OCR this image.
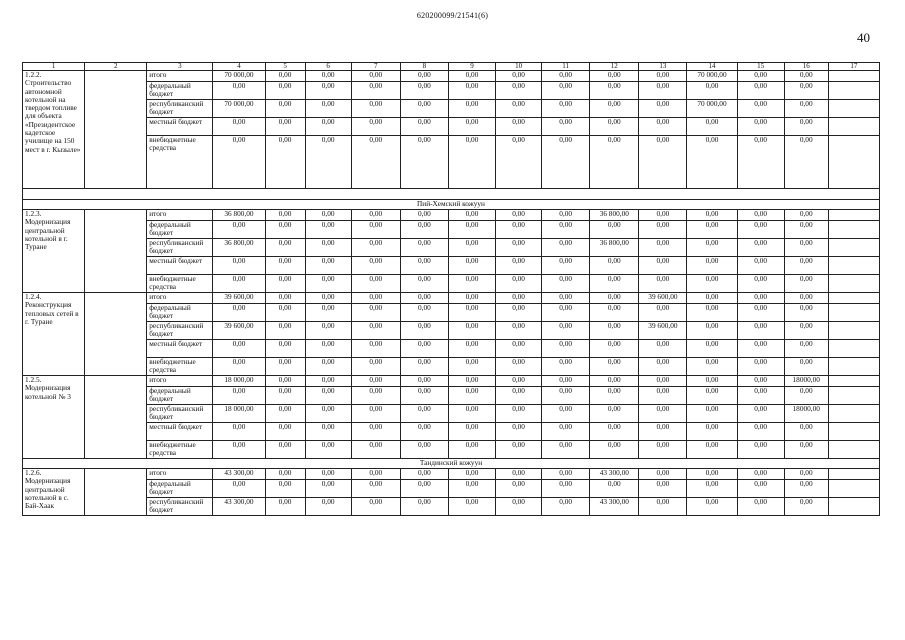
620200099/21541(6)
40
1	2	3	4	5	6	7	8	9	10	11	12	13	14	15	16	17
1.2.2. Строительство автономной котельной на твердом топливе для объекта «Президентское кадетское училище на 150 мест в г. Кызыле»		итого	70 000,00	0,00	0,00	0,00	0,00	0,00	0,00	0,00	0,00	0,00	70 000,00	0,00	0,00	
		федеральный бюджет	0,00	0,00	0,00	0,00	0,00	0,00	0,00	0,00	0,00	0,00	0,00	0,00	0,00	
		республиканский бюджет	70 000,00	0,00	0,00	0,00	0,00	0,00	0,00	0,00	0,00	0,00	70 000,00	0,00	0,00	
		местный бюджет	0,00	0,00	0,00	0,00	0,00	0,00	0,00	0,00	0,00	0,00	0,00	0,00	0,00	
		внебюджетные средства	0,00	0,00	0,00	0,00	0,00	0,00	0,00	0,00	0,00	0,00	0,00	0,00	0,00	

Пий-Хемский кожуун																
1.2.3. Модернизация центральной котельной в г. Туране		итого	36 800,00	0,00	0,00	0,00	0,00	0,00	0,00	0,00	36 800,00	0,00	0,00	0,00	0,00	
		федеральный бюджет	0,00	0,00	0,00	0,00	0,00	0,00	0,00	0,00	0,00	0,00	0,00	0,00	0,00	
		республиканский бюджет	36 800,00	0,00	0,00	0,00	0,00	0,00	0,00	0,00	36 800,00	0,00	0,00	0,00	0,00	
		местный бюджет	0,00	0,00	0,00	0,00	0,00	0,00	0,00	0,00	0,00	0,00	0,00	0,00	0,00	
		внебюджетные средства	0,00	0,00	0,00	0,00	0,00	0,00	0,00	0,00	0,00	0,00	0,00	0,00	0,00	
1.2.4. Реконструкция тепловых сетей в г. Туране		итого	39 600,00	0,00	0,00	0,00	0,00	0,00	0,00	0,00	0,00	39 600,00	0,00	0,00	0,00	
		федеральный бюджет	0,00	0,00	0,00	0,00	0,00	0,00	0,00	0,00	0,00	0,00	0,00	0,00	0,00	
		республиканский бюджет	39 600,00	0,00	0,00	0,00	0,00	0,00	0,00	0,00	0,00	39 600,00	0,00	0,00	0,00	
		местный бюджет	0,00	0,00	0,00	0,00	0,00	0,00	0,00	0,00	0,00	0,00	0,00	0,00	0,00	
		внебюджетные средства	0,00	0,00	0,00	0,00	0,00	0,00	0,00	0,00	0,00	0,00	0,00	0,00	0,00	
1.2.5. Модернизация котельной № 3		итого	18 000,00	0,00	0,00	0,00	0,00	0,00	0,00	0,00	0,00	0,00	0,00	0,00	18000,00	
		федеральный бюджет	0,00	0,00	0,00	0,00	0,00	0,00	0,00	0,00	0,00	0,00	0,00	0,00	0,00	
		республиканский бюджет	18 000,00	0,00	0,00	0,00	0,00	0,00	0,00	0,00	0,00	0,00	0,00	0,00	18000,00	
		местный бюджет	0,00	0,00	0,00	0,00	0,00	0,00	0,00	0,00	0,00	0,00	0,00	0,00	0,00	
		внебюджетные средства	0,00	0,00	0,00	0,00	0,00	0,00	0,00	0,00	0,00	0,00	0,00	0,00	0,00	
Тандинский кожуун																
1.2.6. Модернизация центральной котельной в с. Бай-Хаак		итого	43 300,00	0,00	0,00	0,00	0,00	0,00	0,00	0,00	43 300,00	0,00	0,00	0,00	0,00	
		федеральный бюджет	0,00	0,00	0,00	0,00	0,00	0,00	0,00	0,00	0,00	0,00	0,00	0,00	0,00	
		республиканский бюджет	43 300,00	0,00	0,00	0,00	0,00	0,00	0,00	0,00	43 300,00	0,00	0,00	0,00	0,00	
